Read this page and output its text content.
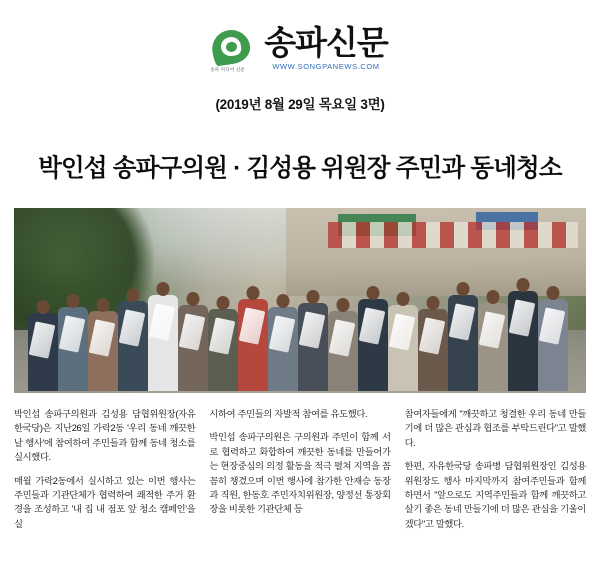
송파 미디어 신문
송파신문
WWW.SONGPANEWS.COM
(2019년 8월 29일 목요일 3면)
박인섭 송파구의원 · 김성용 위원장 주민과 동네청소

박인섭 송파구의원과 김성용 담협위원장(자유한국당)은 지난26일 가락2동 '우리 동네 깨끗한 날 행사'에 참여하여 주민들과 함께 동네 청소를 실시했다.

매월 가락2동에서 실시하고 있는 이번 행사는 주민들과 기관단체가 협력하여 쾌적한 주거 환경을 조성하고 '내 집 내 점포 앞 청소 캠페인'을 실

시하여 주민들의 자발적 참여를 유도했다.

박인섭 송파구의원은 구의원과 주민이 함께 서로 협력하고 화합하여 깨끗한 동네를 만들어가는 현장중심의 의정 활동을 적극 펼쳐 지역을 꼼꼼히 챙겼으며 이번 행사에 참가한 안재승 동장과 직원, 한동호 주민자치위원장, 양정선 통장회장을 비롯한 기관단체 등

참여자들에게 "깨끗하고 청결한 우리 동네 만들기에 더 많은 관심과 협조를 부탁드린다"고 말했다.

한편, 자유한국당 송파병 담협위원장인 김성용 위원장도 행사 마지막까지 참여주민들과 함께하면서 "앞으로도 지역주민들과 함께 깨끗하고 살기 좋은 동네 만들기에 더 많은 관심을 기울이겠다"고 말했다.
